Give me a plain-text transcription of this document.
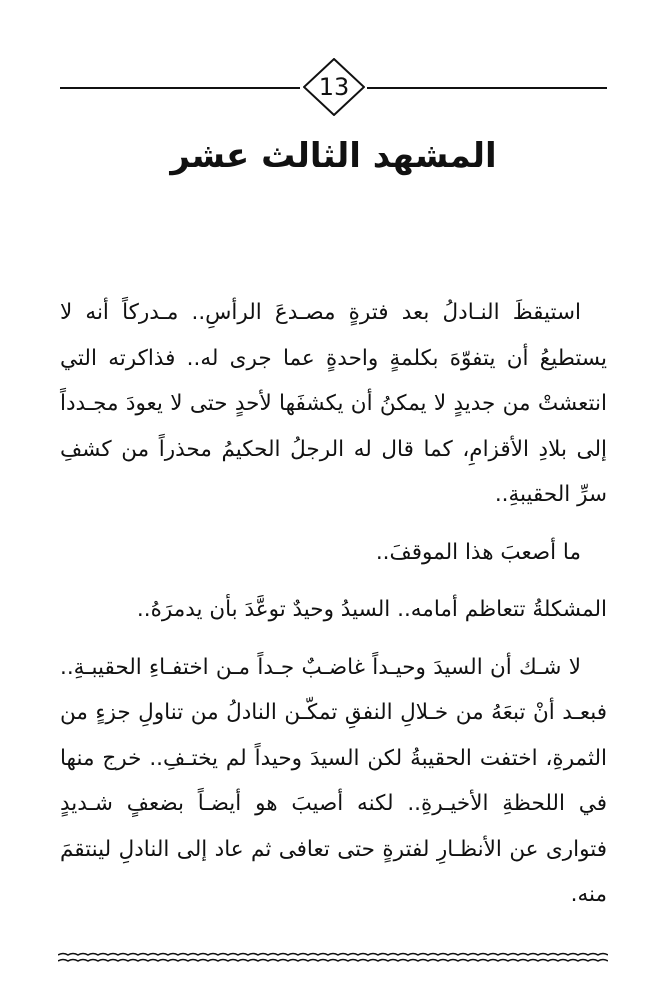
13
المشهد الثالث عشر

استيقظَ النـادلُ بعد فترةٍ مصـدعَ الرأسِ.. مـدركاً أنه لا يستطيعُ أن يتفوّهَ بكلمةٍ واحدةٍ عما جرى له.. فذاكرته التي انتعشتْ من جديدٍ لا يمكنُ أن يكشفَها لأحدٍ حتى لا يعودَ مجـدداً إلى بلادِ الأقزامِ، كما قال له الرجلُ الحكيمُ محذراً من كشفِ سرِّ الحقيبةِ..

ما أصعبَ هذا الموقفَ..

المشكلةُ تتعاظم أمامه.. السيدُ وحيدٌ توعَّدَ بأن يدمرَهُ..

لا شـك أن السيدَ وحيـداً غاضـبٌ جـداً مـن اختفـاءِ الحقيبـةِ.. فبعـد أنْ تبعَهُ من خـلالِ النفقِ تمكّـن النادلُ من تناولِ جزءٍ من الثمرةِ، اختفت الحقيبةُ لكن السيدَ وحيداً لم يختـفِ.. خرج منها في اللحظةِ الأخيـرةِ.. لكنه أصيبَ هو أيضـاً بضعفٍ شـديدٍ فتوارى عن الأنظـارِ لفترةٍ حتى تعافى ثم عاد إلى النادلِ لينتقمَ منه.
